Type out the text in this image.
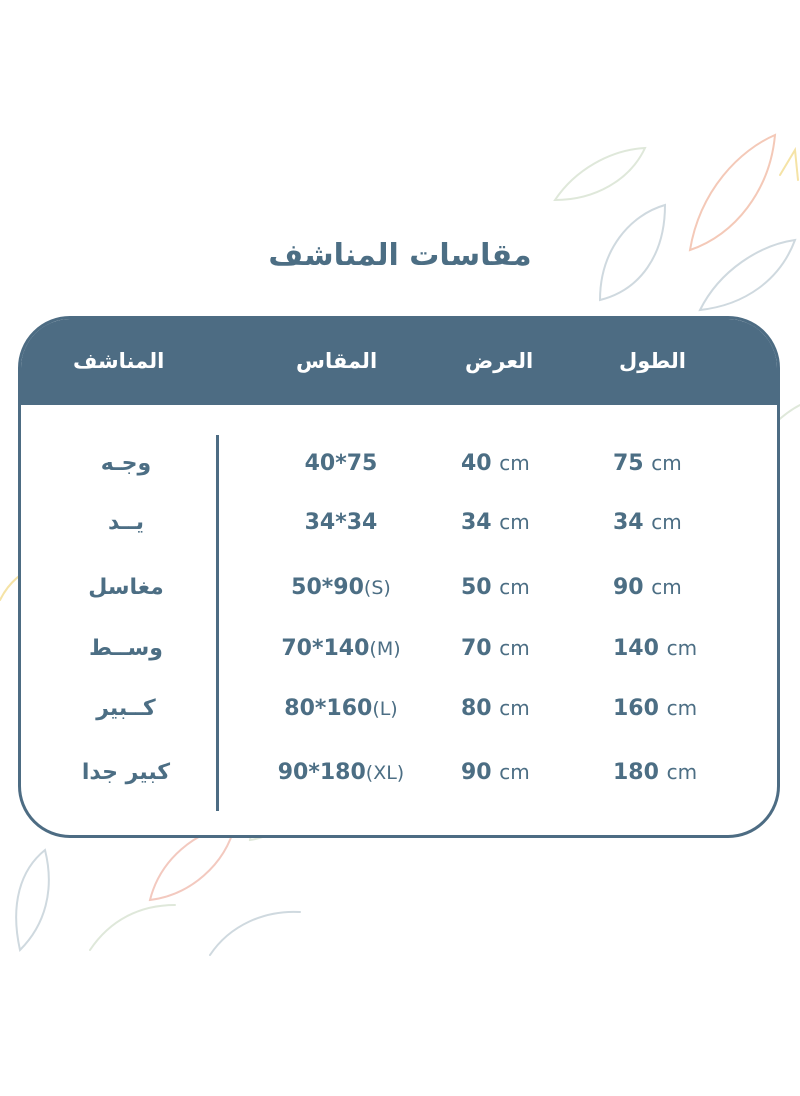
مقاسات المناشف
الطول
العرض
المقاس
المناشف
75 cm
40 cm
40*75
وجـه
34 cm
34 cm
34*34
يــد
90 cm
50 cm
50*90(S)
مغاسل
140 cm
70 cm
70*140(M)
وســط
160 cm
80 cm
80*160(L)
كــبير
180 cm
90 cm
90*180(XL)
كبير جدا
